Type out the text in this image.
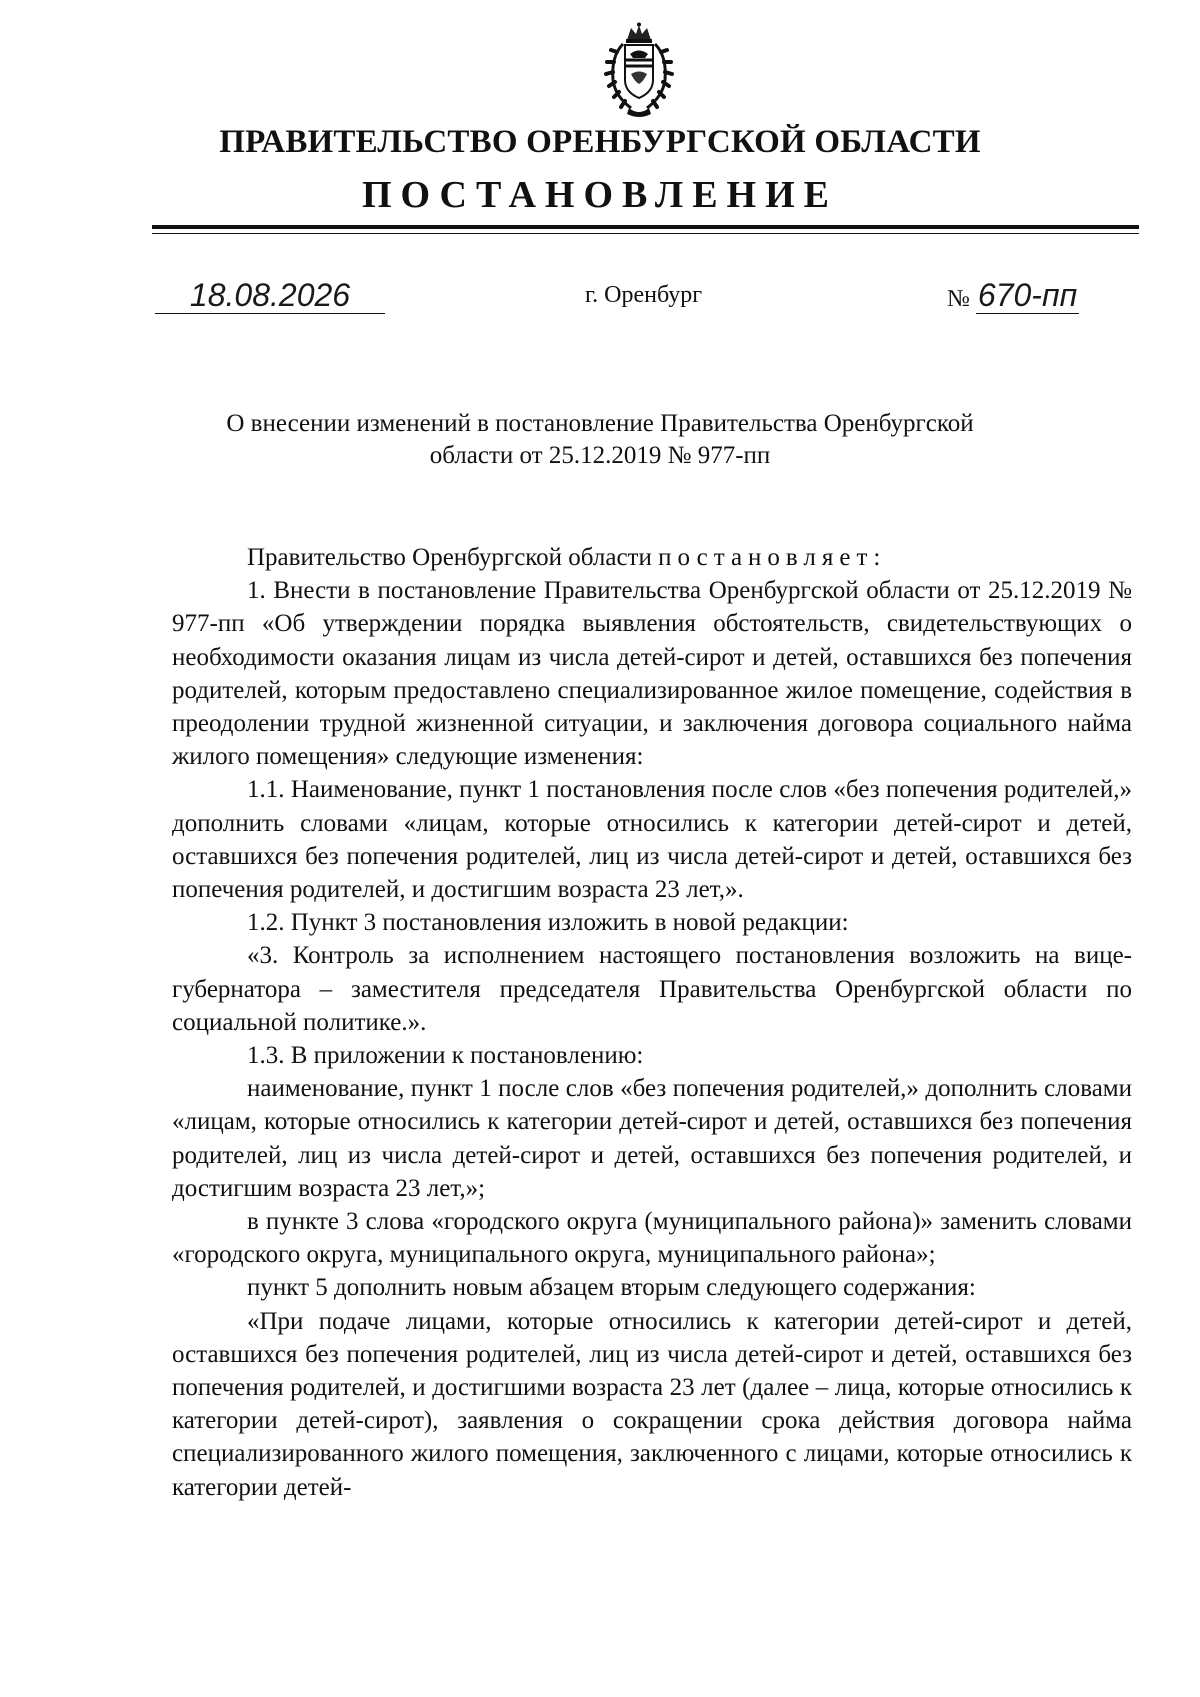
ПРАВИТЕЛЬСТВО ОРЕНБУРГСКОЙ ОБЛАСТИ
ПОСТАНОВЛЕНИЕ
18.08.2026	г. Оренбург	№ 670-пп
О внесении изменений в постановление Правительства Оренбургской
области от 25.12.2019 № 977-пп

Правительство Оренбургской области постановляет:

1. Внести в постановление Правительства Оренбургской области от 25.12.2019 № 977-пп «Об утверждении порядка выявления обстоятельств, свидетельствующих о необходимости оказания лицам из числа детей-сирот и детей, оставшихся без попечения родителей, которым предоставлено специализированное жилое помещение, содействия в преодолении трудной жизненной ситуации, и заключения договора социального найма жилого помещения» следующие изменения:

1.1. Наименование, пункт 1 постановления после слов «без попечения родителей,» дополнить словами «лицам, которые относились к категории детей-сирот и детей, оставшихся без попечения родителей, лиц из числа детей-сирот и детей, оставшихся без попечения родителей, и достигшим возраста 23 лет,».

1.2. Пункт 3 постановления изложить в новой редакции:

«3. Контроль за исполнением настоящего постановления возложить на вице-губернатора – заместителя председателя Правительства Оренбургской области по социальной политике.».

1.3. В приложении к постановлению:

наименование, пункт 1 после слов «без попечения родителей,» дополнить словами «лицам, которые относились к категории детей-сирот и детей, оставшихся без попечения родителей, лиц из числа детей-сирот и детей, оставшихся без попечения родителей, и достигшим возраста 23 лет,»;

в пункте 3 слова «городского округа (муниципального района)» заменить словами «городского округа, муниципального округа, муниципального района»;

пункт 5 дополнить новым абзацем вторым следующего содержания:

«При подаче лицами, которые относились к категории детей-сирот и детей, оставшихся без попечения родителей, лиц из числа детей-сирот и детей, оставшихся без попечения родителей, и достигшими возраста 23 лет (далее – лица, которые относились к категории детей-сирот), заявления о сокращении срока действия договора найма специализированного жилого помещения, заключенного с лицами, которые относились к категории детей-
